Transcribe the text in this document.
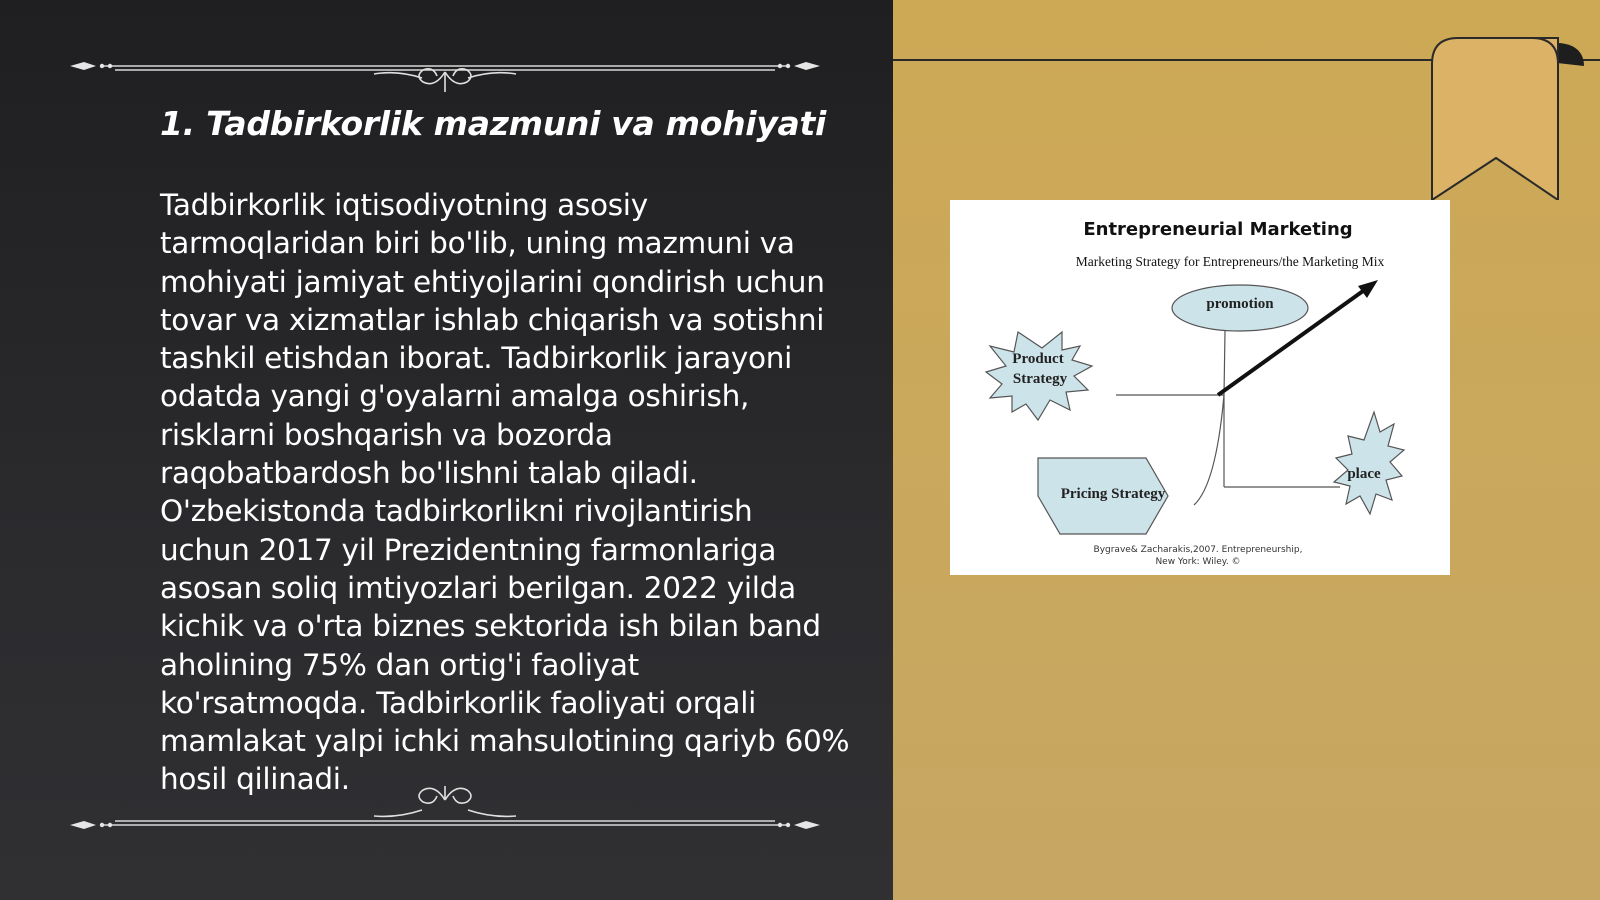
1. Tadbirkorlik mazmuni va mohiyati
Tadbirkorlik iqtisodiyotning asosiy tarmoqlaridan biri bo'lib, uning mazmuni va mohiyati jamiyat ehtiyojlarini qondirish uchun tovar va xizmatlar ishlab chiqarish va sotishni tashkil etishdan iborat. Tadbirkorlik jarayoni odatda yangi g'oyalarni amalga oshirish, risklarni boshqarish va bozorda raqobatbardosh bo'lishni talab qiladi. O'zbekistonda tadbirkorlikni rivojlantirish uchun 2017 yil Prezidentning farmonlariga asosan soliq imtiyozlari berilgan. 2022 yilda kichik va o'rta biznes sektorida ish bilan band aholining 75% dan ortig'i faoliyat ko'rsatmoqda. Tadbirkorlik faoliyati orqali mamlakat yalpi ichki mahsulotining qariyb 60% hosil qilinadi.
Entrepreneurial Marketing
Marketing Strategy for Entrepreneurs/the Marketing Mix
promotion
Product
Strategy
Pricing Strategy
place
Bygrave& Zacharakis,2007. Entrepreneurship,
New York: Wiley. ©
